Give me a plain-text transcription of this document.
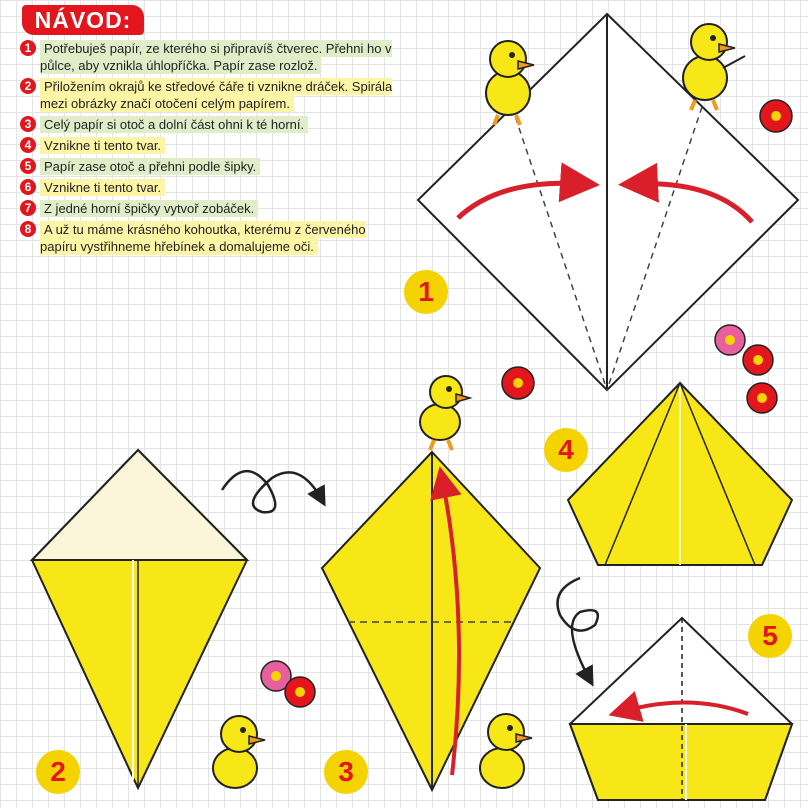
NÁVOD:
1 Potřebuješ papír, ze kterého si připravíš čtverec. Přehni ho v půlce, aby vznikla úhlopříčka. Papír zase rozlož.
2 Přiložením okrajů ke středové čáře ti vznikne dráček. Spirála mezi obrázky značí otočení celým papírem.
3 Celý papír si otoč a dolní část ohni k té horní.
4 Vznikne ti tento tvar.
5 Papír zase otoč a přehni podle šipky.
6 Vznikne ti tento tvar.
7 Z jedné horní špičky vytvoř zobáček.
8 A už tu máme krásného kohoutka, kterému z červeného papíru vystřihneme hřebínek a domalujeme oči.
1
2	3
4
5
